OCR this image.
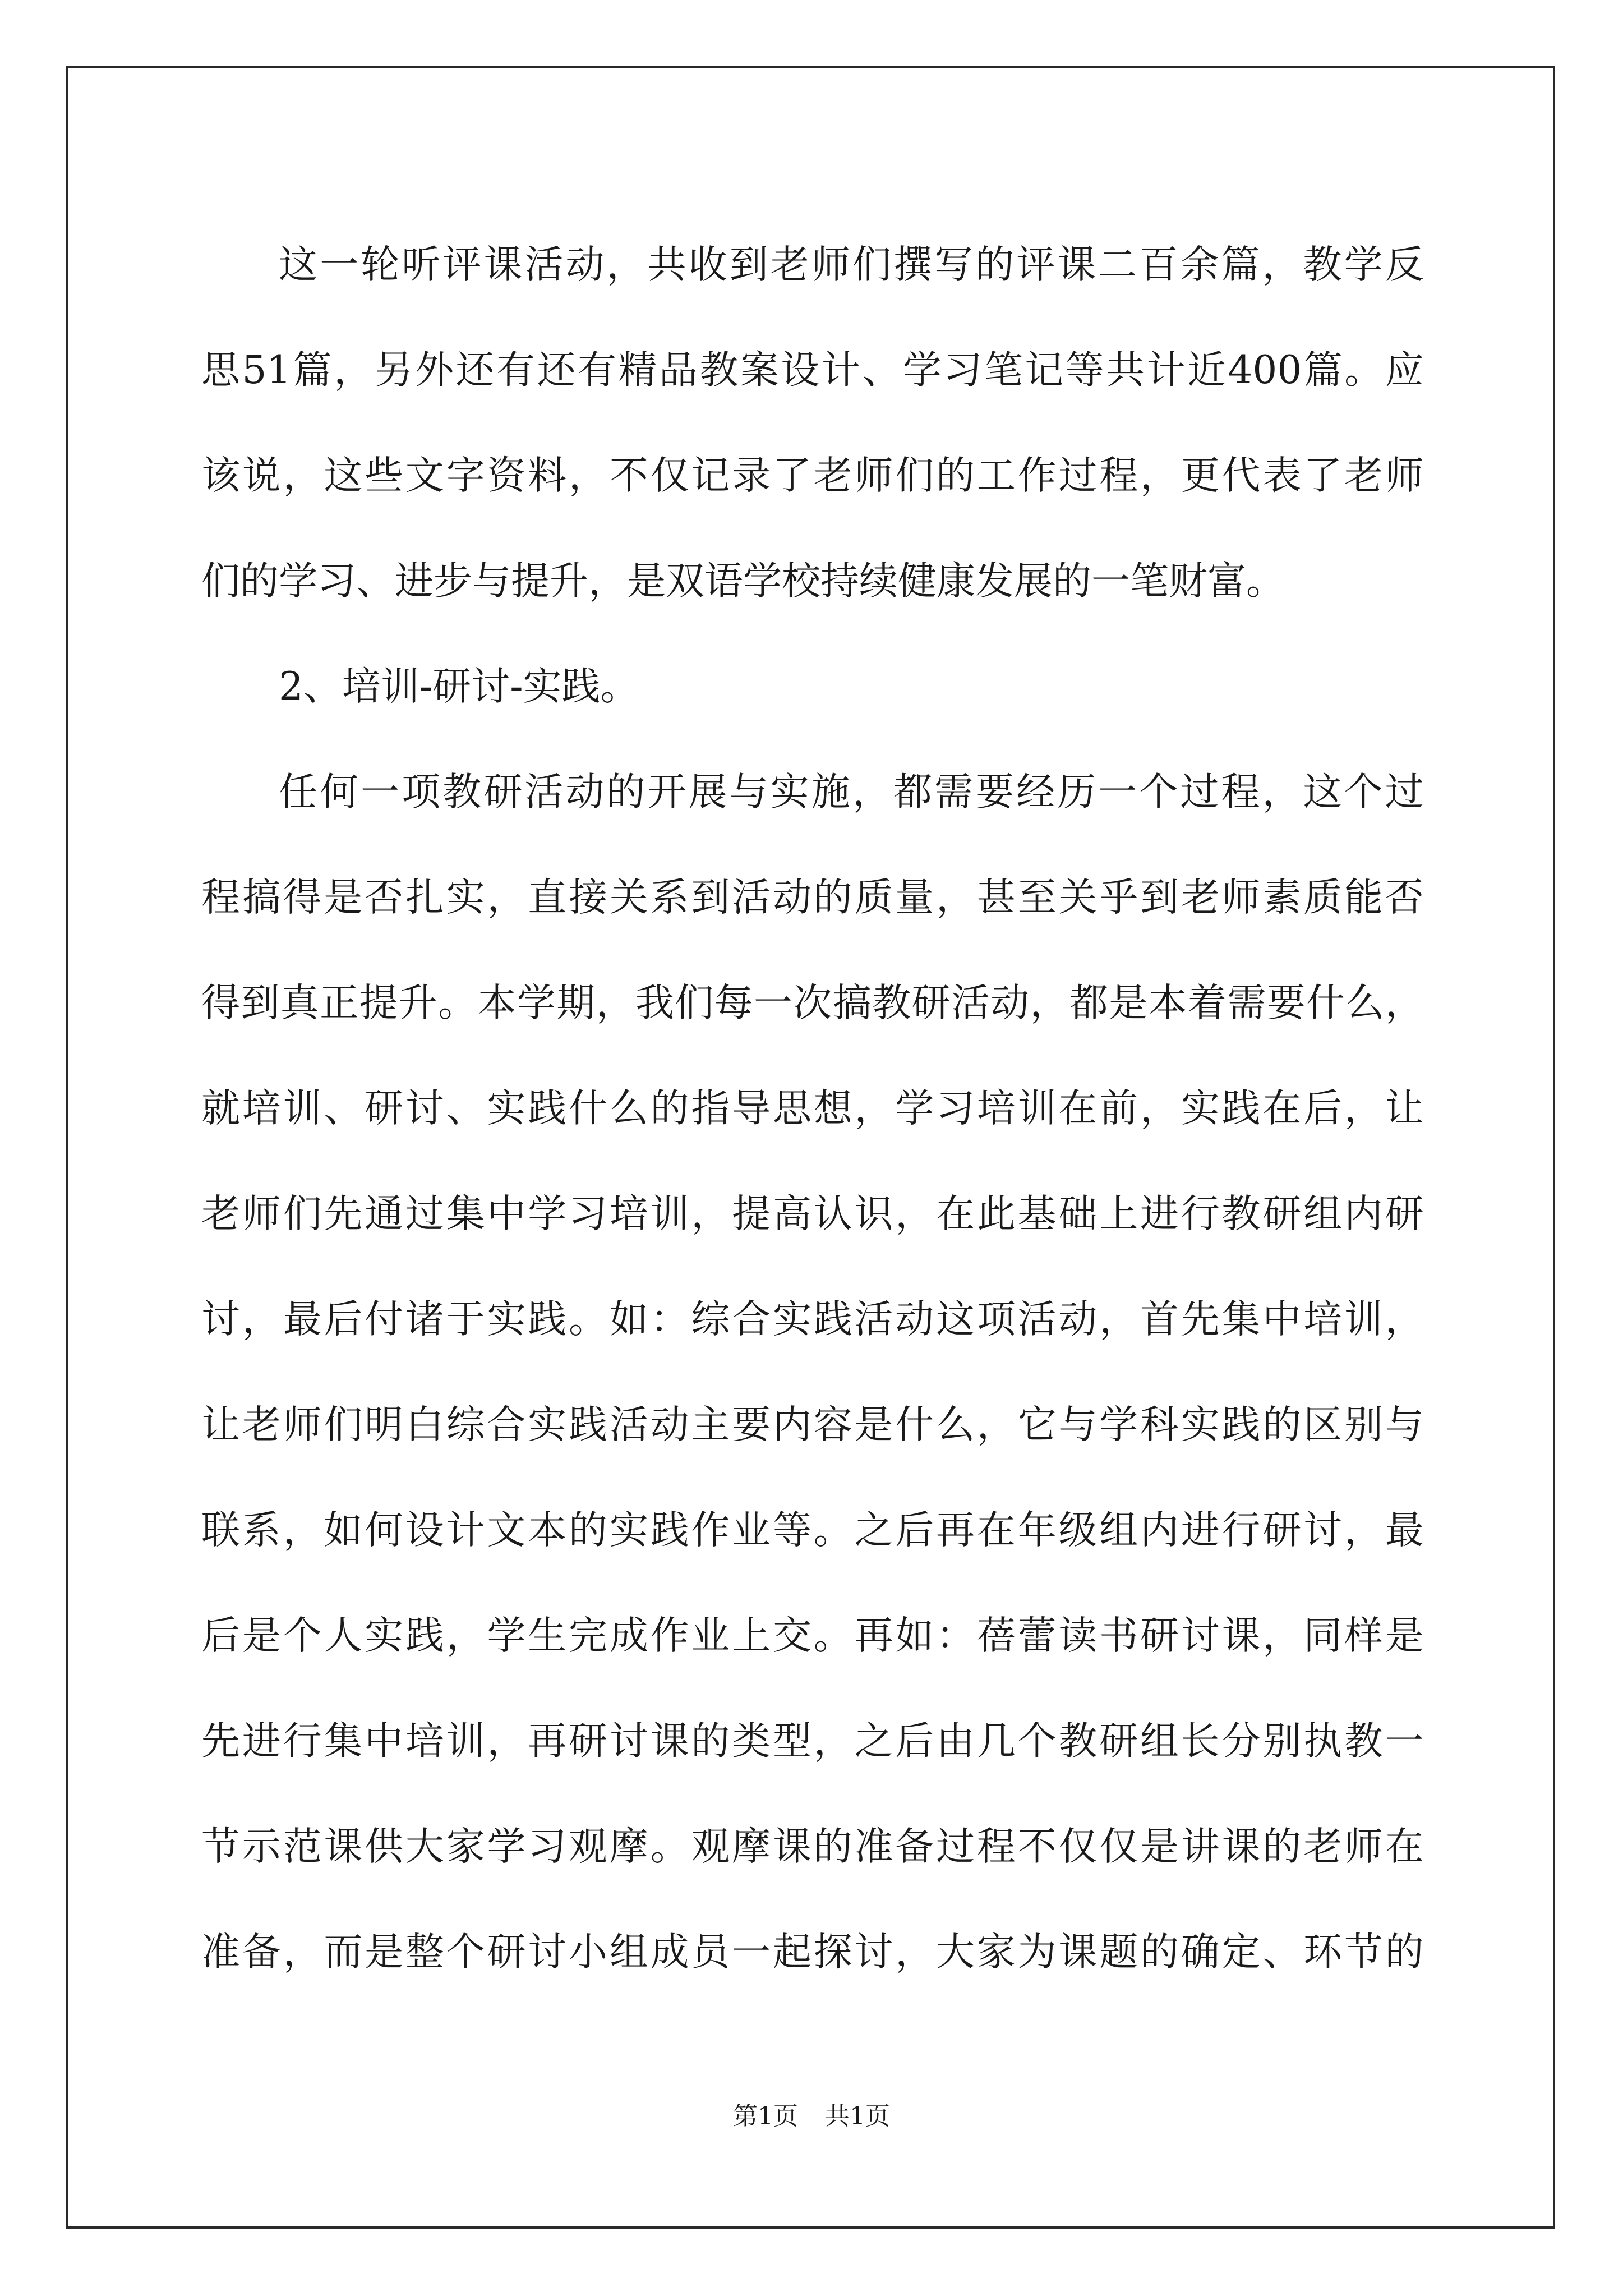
这 一 轮 听 评 课 活 动 ， 共 收 到 老 师 们 撰 写 的 评 课 二 百 余 篇 ， 教 学 反
思 51 篇 ， 另 外 还 有 还 有 精 品 教 案 设 计 、 学 习 笔 记 等 共 计 近 400 篇 。 应
该 说 ， 这 些 文 字 资 料 ， 不 仅 记 录 了 老 师 们 的 工 作 过 程 ， 更 代 表 了 老 师
们的学习、进步与提升，是双语学校持续健康发展的一笔财富。
2、培训-研讨-实践。
任 何 一 项 教 研 活 动 的 开 展 与 实 施 ， 都 需 要 经 历 一 个 过 程 ， 这 个 过
程 搞 得 是 否 扎 实 ， 直 接 关 系 到 活 动 的 质 量 ， 甚 至 关 乎 到 老 师 素 质 能 否
得 到 真 正 提 升 。 本 学 期 ， 我 们 每 一 次 搞 教 研 活 动 ， 都 是 本 着 需 要 什 么 ，
就 培 训 、 研 讨 、 实 践 什 么 的 指 导 思 想 ， 学 习 培 训 在 前 ， 实 践 在 后 ， 让
老 师 们 先 通 过 集 中 学 习 培 训 ， 提 高 认 识 ， 在 此 基 础 上 进 行 教 研 组 内 研
讨 ， 最 后 付 诸 于 实 践 。 如 ： 综 合 实 践 活 动 这 项 活 动 ， 首 先 集 中 培 训 ，
让 老 师 们 明 白 综 合 实 践 活 动 主 要 内 容 是 什 么 ， 它 与 学 科 实 践 的 区 别 与
联 系 ， 如 何 设 计 文 本 的 实 践 作 业 等 。 之 后 再 在 年 级 组 内 进 行 研 讨 ， 最
后 是 个 人 实 践 ， 学 生 完 成 作 业 上 交 。 再 如 ： 蓓 蕾 读 书 研 讨 课 ， 同 样 是
先 进 行 集 中 培 训 ， 再 研 讨 课 的 类 型 ， 之 后 由 几 个 教 研 组 长 分 别 执 教 一
节 示 范 课 供 大 家 学 习 观 摩 。 观 摩 课 的 准 备 过 程 不 仅 仅 是 讲 课 的 老 师 在
准 备 ， 而 是 整 个 研 讨 小 组 成 员 一 起 探 讨 ， 大 家 为 课 题 的 确 定 、 环 节 的
第1页 共1页
